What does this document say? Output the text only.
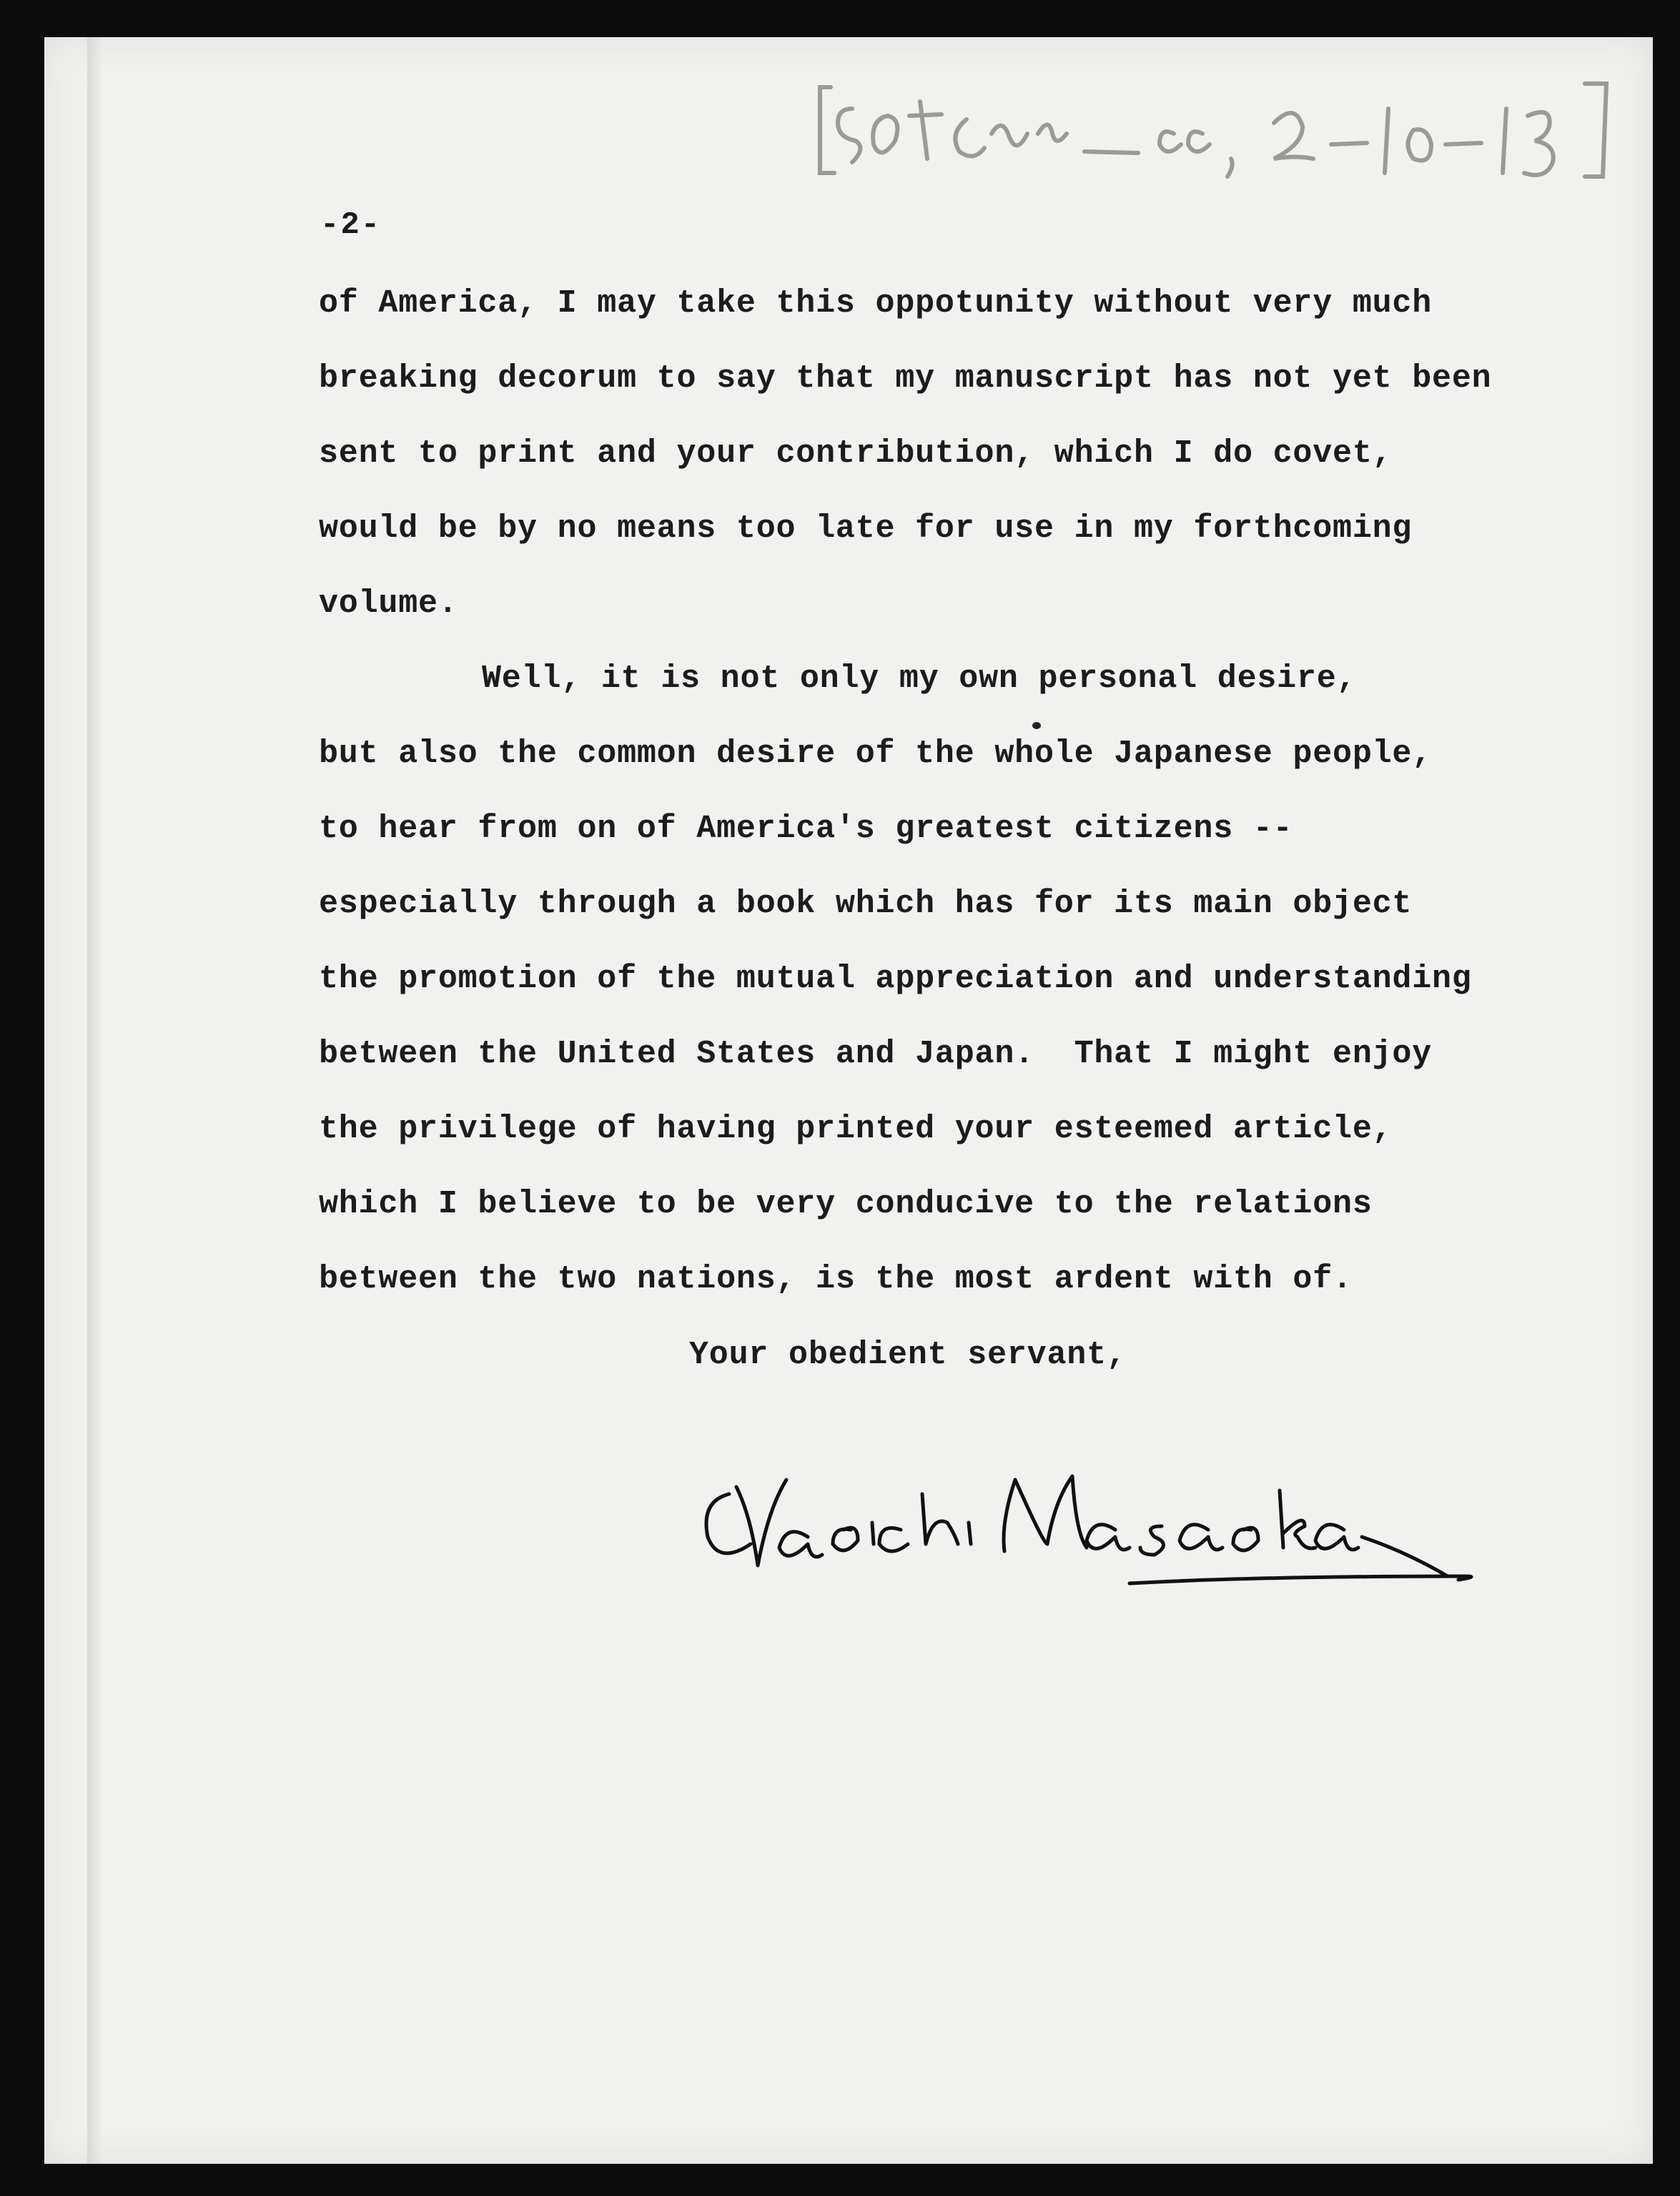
-2-
of America, I may take this oppotunity without very much
breaking decorum to say that my manuscript has not yet been
sent to print and your contribution, which I do covet,
would be by no means too late for use in my forthcoming
volume.
Well, it is not only my own personal desire,
but also the common desire of the whole Japanese people,
to hear from on of America's greatest citizens --
especially through a book which has for its main object
the promotion of the mutual appreciation and understanding
between the United States and Japan.  That I might enjoy
the privilege of having printed your esteemed article,
which I believe to be very conducive to the relations
between the two nations, is the most ardent with of.
Your obedient servant,
